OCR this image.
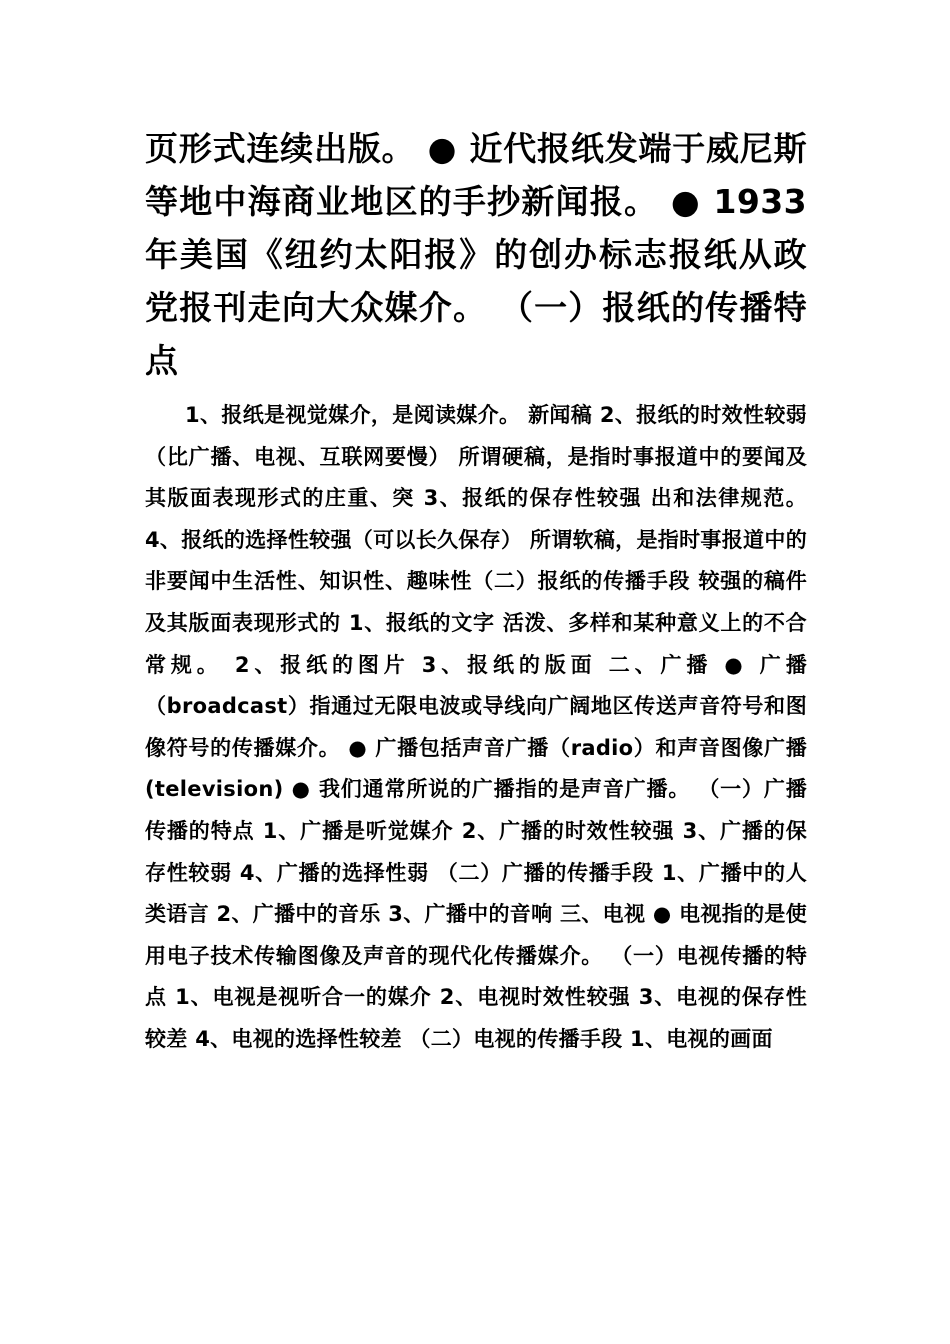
页形式连续出版。 ● 近代报纸发端于威尼斯等地中海商业地区的手抄新闻报。 ● 1933 年美国《纽约太阳报》的创办标志报纸从政党报刊走向大众媒介。 （一）报纸的传播特点

1、报纸是视觉媒介，是阅读媒介。 新闻稿 2、报纸的时效性较弱（比广播、电视、互联网要慢） 所谓硬稿，是指时事报道中的要闻及其版面表现形式的庄重、突 3、报纸的保存性较强 出和法律规范。 4、报纸的选择性较强（可以长久保存） 所谓软稿，是指时事报道中的非要闻中生活性、知识性、趣味性（二）报纸的传播手段 较强的稿件及其版面表现形式的 1、报纸的文字 活泼、多样和某种意义上的不合常规。 2、报纸的图片 3、报纸的版面 二、广播 ● 广播（broadcast）指通过无限电波或导线向广阔地区传送声音符号和图像符号的传播媒介。 ● 广播包括声音广播（radio）和声音图像广播(television) ● 我们通常所说的广播指的是声音广播。 （一）广播传播的特点 1、广播是听觉媒介 2、广播的时效性较强 3、广播的保存性较弱 4、广播的选择性弱 （二）广播的传播手段 1、广播中的人类语言 2、广播中的音乐 3、广播中的音响 三、电视 ● 电视指的是使用电子技术传输图像及声音的现代化传播媒介。 （一）电视传播的特点 1、电视是视听合一的媒介 2、电视时效性较强 3、电视的保存性较差 4、电视的选择性较差 （二）电视的传播手段 1、电视的画面
